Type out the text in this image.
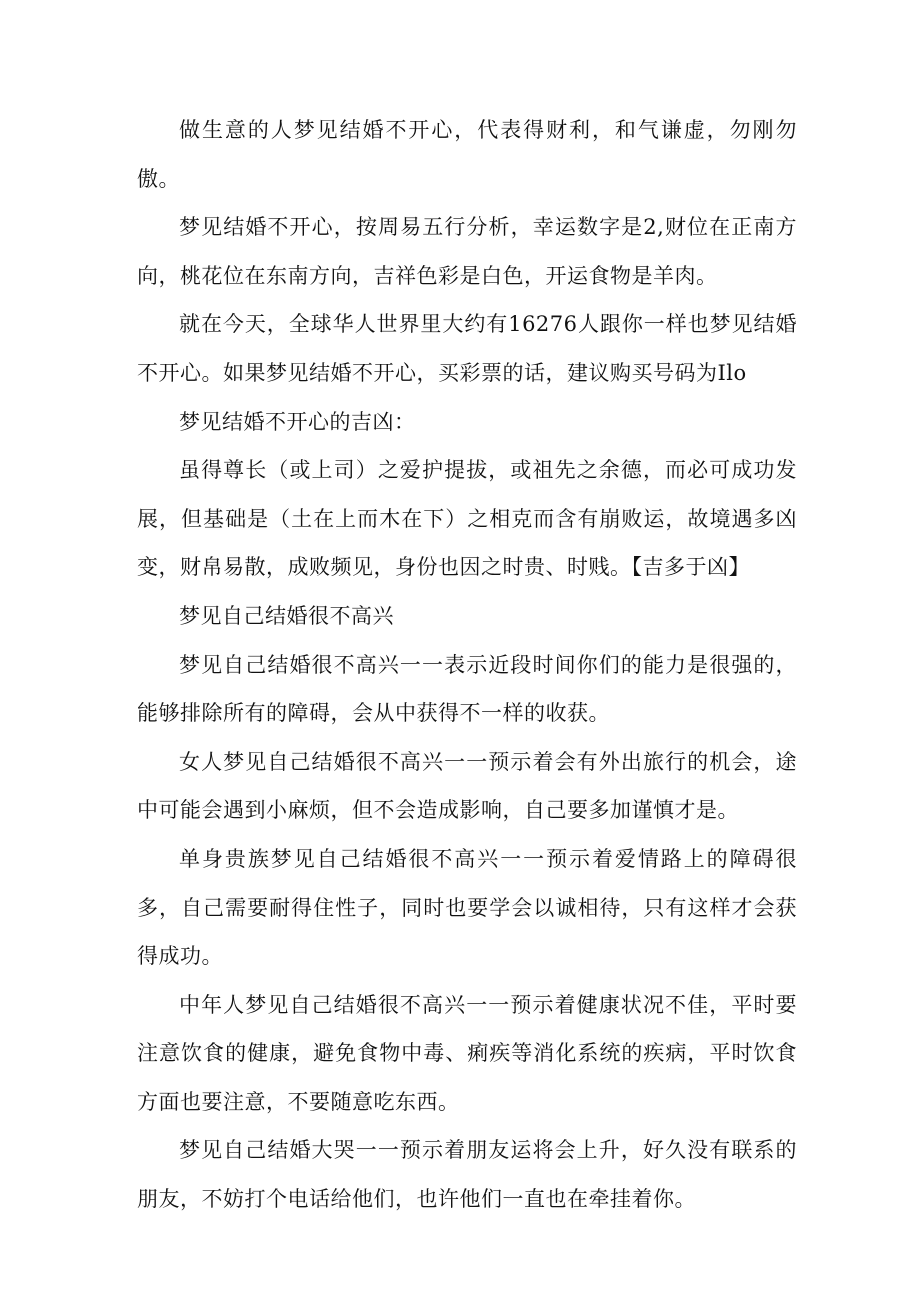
做生意的人梦见结婚不开心，代表得财利，和气谦虚，勿刚勿傲。

梦见结婚不开心，按周易五行分析，幸运数字是2,财位在正南方向，桃花位在东南方向，吉祥色彩是白色，开运食物是羊肉。

就在今天，全球华人世界里大约有16276人跟你一样也梦见结婚不开心。如果梦见结婚不开心，买彩票的话，建议购买号码为Ilo

梦见结婚不开心的吉凶：

虽得尊长（或上司）之爱护提拔，或祖先之余德，而必可成功发展，但基础是（土在上而木在下）之相克而含有崩败运，故境遇多凶变，财帛易散，成败频见，身份也因之时贵、时贱。【吉多于凶】

梦见自己结婚很不高兴

梦见自己结婚很不高兴一一表示近段时间你们的能力是很强的，能够排除所有的障碍，会从中获得不一样的收获。

女人梦见自己结婚很不高兴一一预示着会有外出旅行的机会，途中可能会遇到小麻烦，但不会造成影响，自己要多加谨慎才是。

单身贵族梦见自己结婚很不高兴一一预示着爱情路上的障碍很多，自己需要耐得住性子，同时也要学会以诚相待，只有这样才会获得成功。

中年人梦见自己结婚很不高兴一一预示着健康状况不佳，平时要注意饮食的健康，避免食物中毒、痢疾等消化系统的疾病，平时饮食方面也要注意，不要随意吃东西。

梦见自己结婚大哭一一预示着朋友运将会上升，好久没有联系的朋友，不妨打个电话给他们，也许他们一直也在牵挂着你。
